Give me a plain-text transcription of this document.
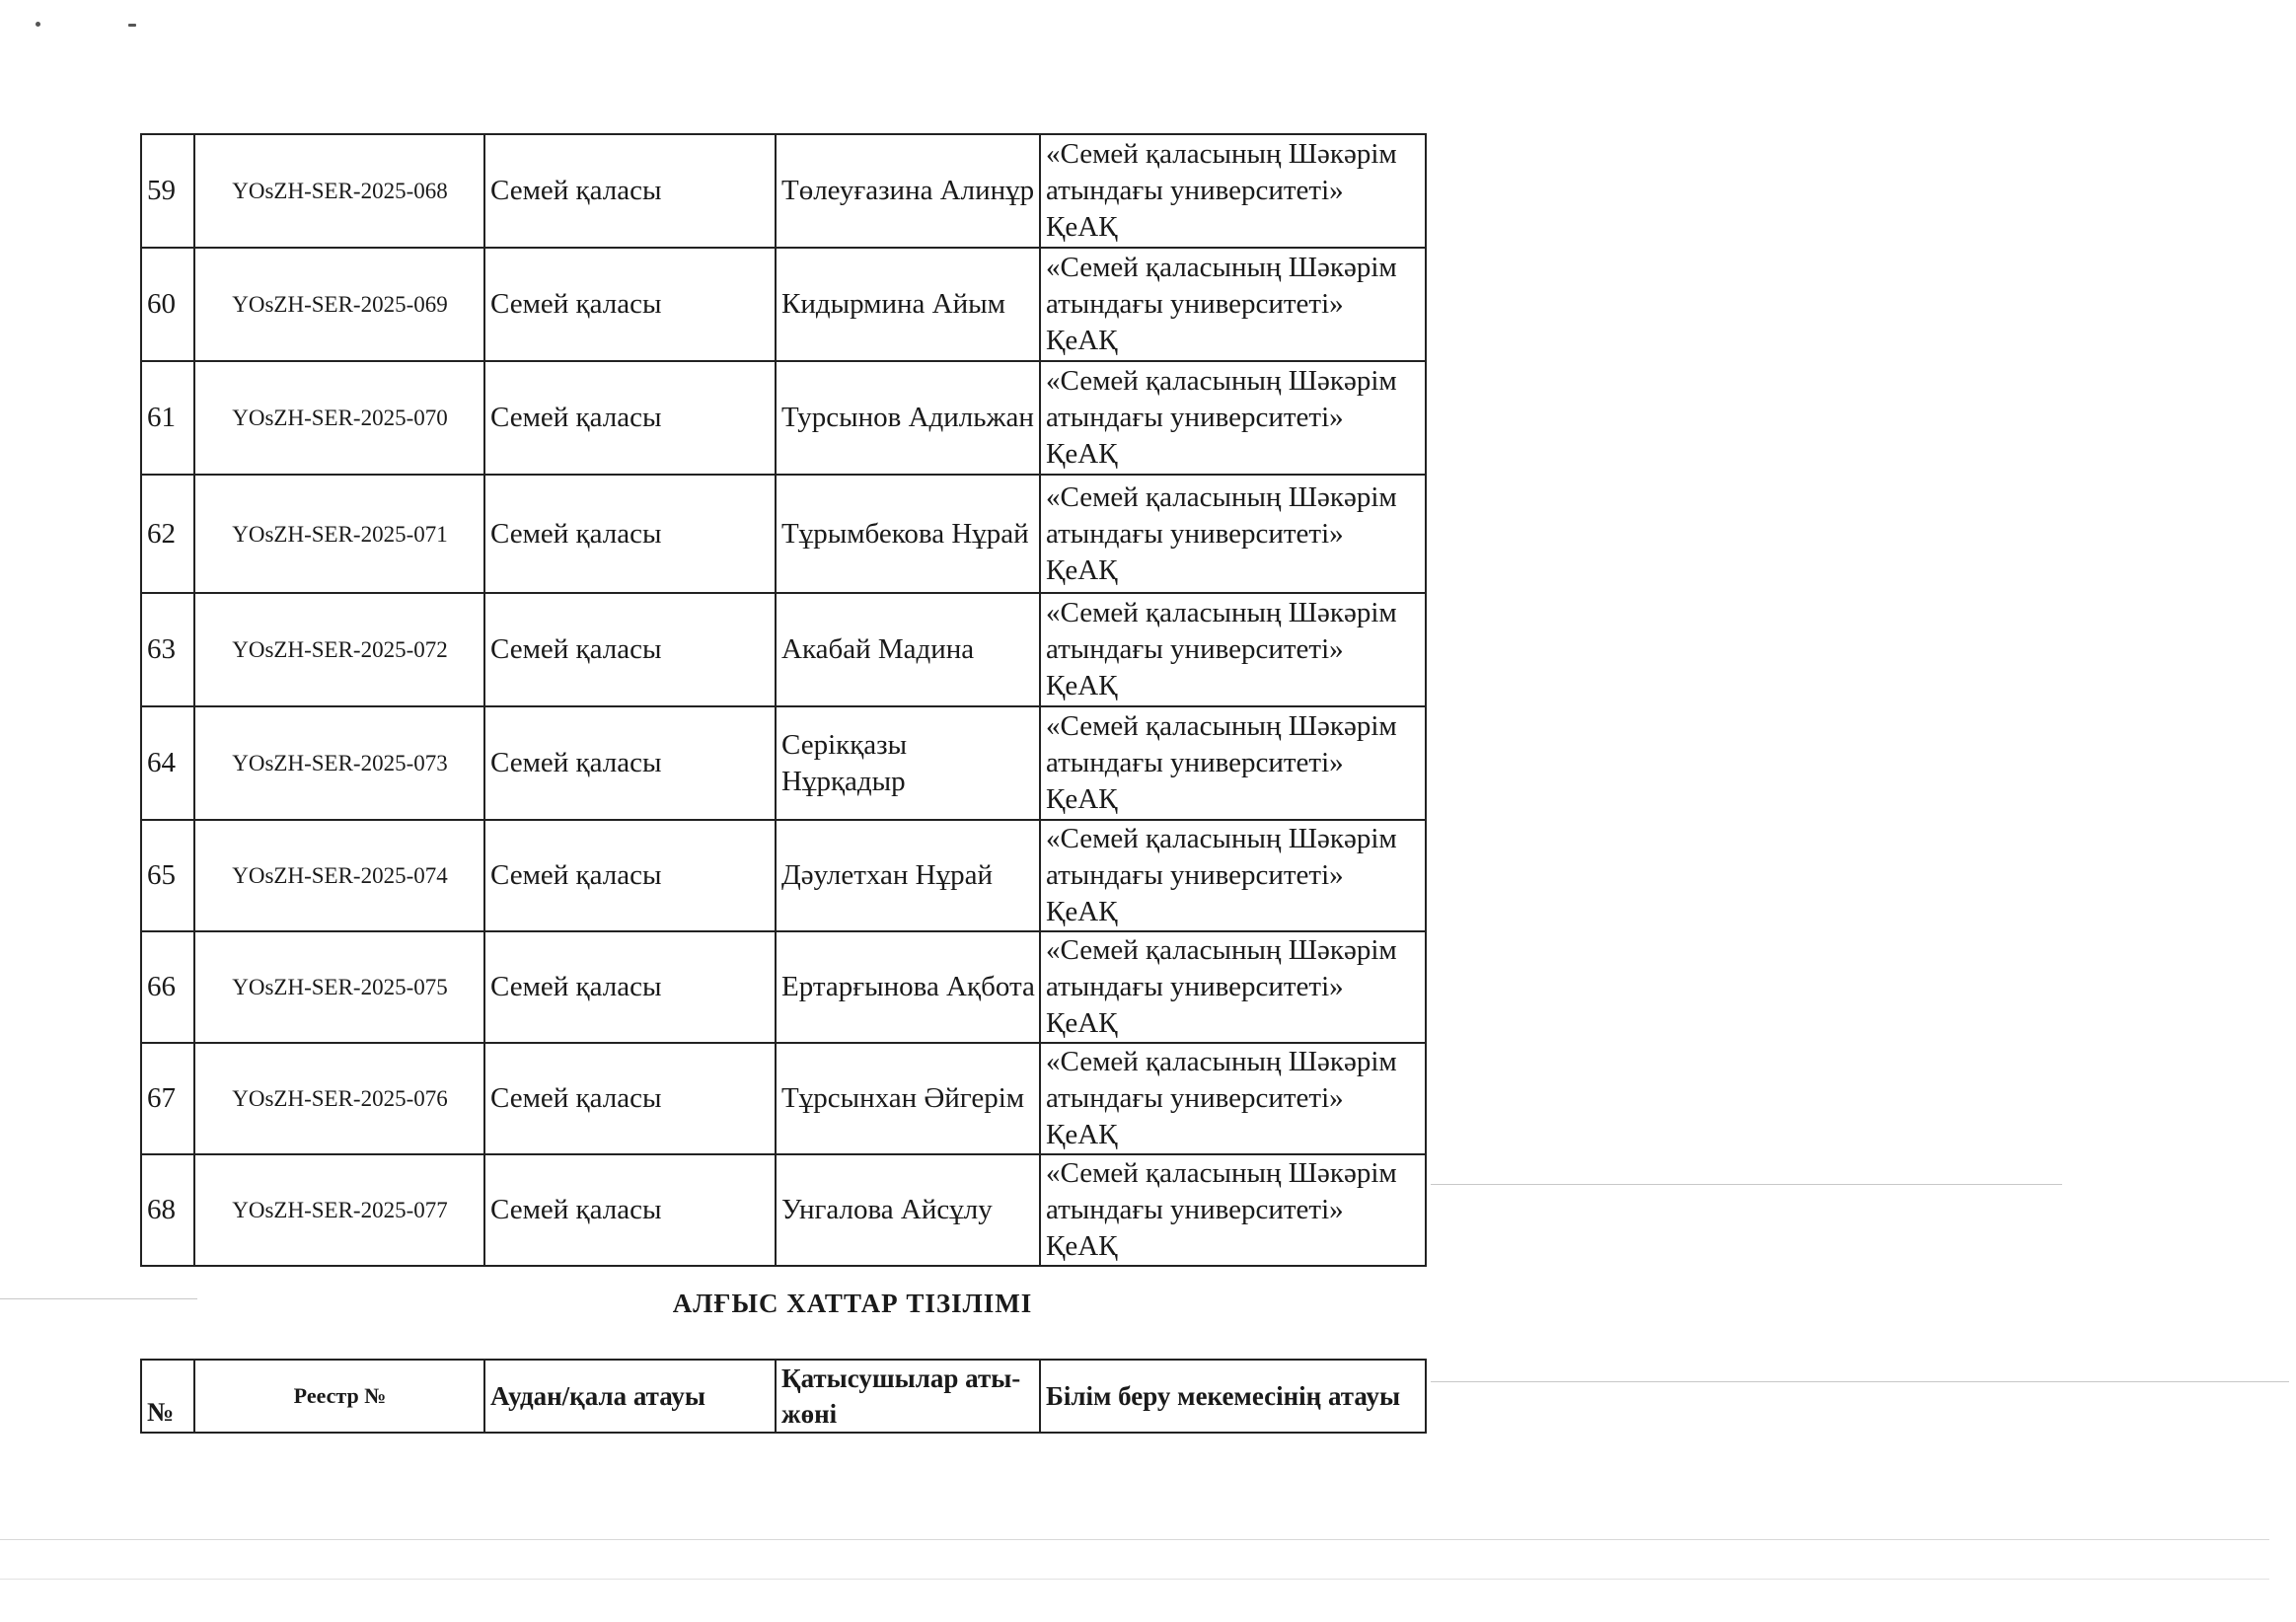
59	YOsZH-SER-2025-068	Семей қаласы	Төлеуғазина Алинұр	«Семей қаласының Шәкәрім атындағы университеті» ҚеАҚ
60	YOsZH-SER-2025-069	Семей қаласы	Кидырмина Айым	«Семей қаласының Шәкәрім атындағы университеті» ҚеАҚ
61	YOsZH-SER-2025-070	Семей қаласы	Турсынов Адильжан	«Семей қаласының Шәкәрім атындағы университеті» ҚеАҚ
62	YOsZH-SER-2025-071	Семей қаласы	Тұрымбекова Нұрай	«Семей қаласының Шәкәрім атындағы университеті» ҚеАҚ
63	YOsZH-SER-2025-072	Семей қаласы	Акабай Мадина	«Семей қаласының Шәкәрім атындағы университеті» ҚеАҚ
64	YOsZH-SER-2025-073	Семей қаласы	Серікқазы Нұрқадыр	«Семей қаласының Шәкәрім атындағы университеті» ҚеАҚ
65	YOsZH-SER-2025-074	Семей қаласы	Дәулетхан Нұрай	«Семей қаласының Шәкәрім атындағы университеті» ҚеАҚ
66	YOsZH-SER-2025-075	Семей қаласы	Ертарғынова Ақбота	«Семей қаласының Шәкәрім атындағы университеті» ҚеАҚ
67	YOsZH-SER-2025-076	Семей қаласы	Тұрсынхан Әйгерім	«Семей қаласының Шәкәрім атындағы университеті» ҚеАҚ
68	YOsZH-SER-2025-077	Семей қаласы	Унгалова Айсұлу	«Семей қаласының Шәкәрім атындағы университеті» ҚеАҚ
АЛҒЫС ХАТТАР ТІЗІЛІМІ
№	Реестр №	Аудан/қала атауы	Қатысушылар аты-жөні	Білім беру мекемесінің атауы
